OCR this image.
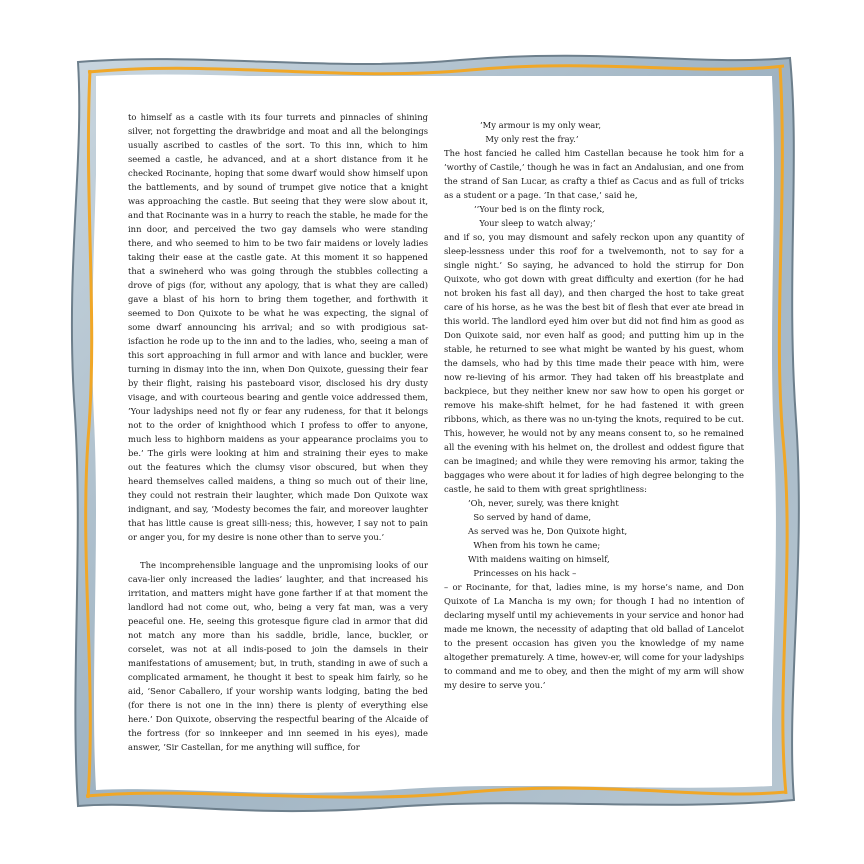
to himself as a castle with its four turrets and pinnacles of shining silver, not forgetting the drawbridge and moat and all the belongings usually ascribed to castles of the sort. To this inn, which to him seemed a castle, he advanced, and at a short distance from it he checked Rocinante, hoping that some dwarf would show himself upon the battlements, and by sound of trumpet give notice that a knight was approaching the castle. But seeing that they were slow about it, and that Rocinante was in a hurry to reach the stable, he made for the inn door, and perceived the two gay damsels who were standing there, and who seemed to him to be two fair maidens or lovely ladies taking their ease at the castle gate. At this moment it so happened that a swineherd who was going through the stubbles collecting a drove of pigs (for, without any apology, that is what they are called) gave a blast of his horn to bring them together, and forthwith it seemed to Don Quixote to be what he was expecting, the signal of some dwarf announcing his arrival; and so with prodigious sat-isfaction he rode up to the inn and to the ladies, who, seeing a man of this sort approaching in full armor and with lance and buckler, were turning in dismay into the inn, when Don Quixote, guessing their fear by their flight, raising his pasteboard visor, disclosed his dry dusty visage, and with courteous bearing and gentle voice addressed them, ’Your ladyships need not fly or fear any rudeness, for that it belongs not to the order of knighthood which I profess to offer to anyone, much less to highborn maidens as your appearance proclaims you to be.’ The girls were looking at him and straining their eyes to make out the features which the clumsy visor obscured, but when they heard themselves called maidens, a thing so much out of their line, they could not restrain their laughter, which made Don Quixote wax indignant, and say, ’Modesty becomes the fair, and moreover laughter that has little cause is great silli-ness; this, however, I say not to pain or anger you, for my desire is none other than to serve you.’

The incomprehensible language and the unpromising looks of our cava-lier only increased the ladies’ laughter, and that increased his irritation, and matters might have gone farther if at that moment the landlord had not come out, who, being a very fat man, was a very peaceful one. He, seeing this grotesque figure clad in armor that did not match any more than his saddle, bridle, lance, buckler, or corselet, was not at all indis-posed to join the damsels in their manifestations of amusement; but, in truth, standing in awe of such a complicated armament, he thought it best to speak him fairly, so he aid, ’Senor Caballero, if your worship wants lodging, bating the bed (for there is not one in the inn) there is plenty of everything else here.’ Don Quixote, observing the respectful bearing of the Alcaide of the fortress (for so innkeeper and inn seemed in his eyes), made answer, ’Sir Castellan, for me anything will suffice, for

’My armour is my only wear,
My only rest the fray.’

The host fancied he called him Castellan because he took him for a ’worthy of Castile,’ though he was in fact an Andalusian, and one from the strand of San Lucar, as crafty a thief as Cacus and as full of tricks as a student or a page. ’In that case,’ said he,

’’Your bed is on the flinty rock,
Your sleep to watch alway;’

and if so, you may dismount and safely reckon upon any quantity of sleep-lessness under this roof for a twelvemonth, not to say for a single night.’ So saying, he advanced to hold the stirrup for Don Quixote, who got down with great difficulty and exertion (for he had not broken his fast all day), and then charged the host to take great care of his horse, as he was the best bit of flesh that ever ate bread in this world. The landlord eyed him over but did not find him as good as Don Quixote said, nor even half as good; and putting him up in the stable, he returned to see what might be wanted by his guest, whom the damsels, who had by this time made their peace with him, were now re-lieving of his armor. They had taken off his breastplate and backpiece, but they neither knew nor saw how to open his gorget or remove his make-shift helmet, for he had fastened it with green ribbons, which, as there was no un-tying the knots, required to be cut. This, however, he would not by any means consent to, so he remained all the evening with his helmet on, the drollest and oddest figure that can be imagined; and while they were removing his armor, taking the baggages who were about it for ladies of high degree belonging to the castle, he said to them with great sprightliness:

’Oh, never, surely, was there knight
So served by hand of dame,
As served was he, Don Quixote hight,
When from his town he came;
With maidens waiting on himself,
Princesses on his hack –

– or Rocinante, for that, ladies mine, is my horse’s name, and Don Quixote of La Mancha is my own; for though I had no intention of declaring myself until my achievements in your service and honor had made me known, the necessity of adapting that old ballad of Lancelot to the present occasion has given you the knowledge of my name altogether prematurely. A time, howev-er, will come for your ladyships to command and me to obey, and then the might of my arm will show my desire to serve you.’
